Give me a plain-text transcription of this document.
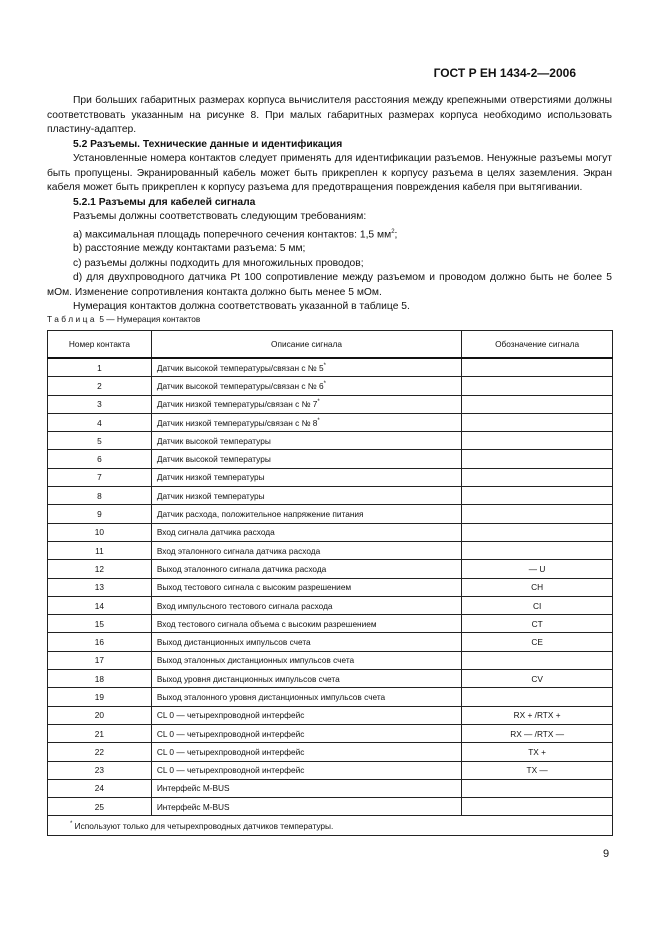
ГОСТ Р ЕН 1434-2—2006

При больших габаритных размерах корпуса вычислителя расстояния между крепежными отверстиями должны соответствовать указанным на рисунке 8. При малых габаритных размерах корпуса необходимо использовать пластину-адаптер.

5.2 Разъемы. Технические данные и идентификация

Установленные номера контактов следует применять для идентификации разъемов. Ненужные разъемы могут быть пропущены. Экранированный кабель может быть прикреплен к корпусу разъема в целях заземления. Экран кабеля может быть прикреплен к корпусу разъема для предотвращения повреждения кабеля при вытягивании.

5.2.1 Разъемы для кабелей сигнала

Разъемы должны соответствовать следующим требованиям:

а) максимальная площадь поперечного сечения контактов: 1,5 $мм^2$;

b) расстояние между контактами разъема: 5 мм;

c) разъемы должны подходить для многожильных проводов;

d) для двухпроводного датчика Pt 100 сопротивление между разъемом и проводом должно быть не более 5 мОм. Изменение сопротивления контакта должно быть менее 5 мОм.

Нумерация контактов должна соответствовать указанной в таблице 5.

Таблица 5 — Нумерация контактов
Номер контакта	Описание сигнала	Обозначение сигнала
1	Датчик высокой температуры/связан с № 5*	
2	Датчик высокой температуры/связан с № 6*	
3	Датчик низкой температуры/связан с № 7*	
4	Датчик низкой температуры/связан с № 8*	
5	Датчик высокой температуры	
6	Датчик высокой температуры	
7	Датчик низкой температуры	
8	Датчик низкой температуры	
9	Датчик расхода, положительное напряжение питания	
10	Вход сигнала датчика расхода	
11	Вход эталонного сигнала датчика расхода	
12	Выход эталонного сигнала датчика расхода	— U
13	Выход тестового сигнала с высоким разрешением	CH
14	Вход импульсного тестового сигнала расхода	CI
15	Вход тестового сигнала объема с высоким разрешением	CT
16	Выход дистанционных импульсов счета	CE
17	Выход эталонных дистанционных импульсов счета	
18	Выход уровня дистанционных импульсов счета	CV
19	Выход эталонного уровня дистанционных импульсов счета	
20	CL 0 — четырехпроводной интерфейс	RX + /RTX +
21	CL 0 — четырехпроводной интерфейс	RX — /RTX —
22	CL 0 — четырехпроводной интерфейс	TX +
23	CL 0 — четырехпроводной интерфейс	TX —
24	Интерфейс M-BUS	
25	Интерфейс M-BUS	
* Используют только для четырехпроводных датчиков температуры.		
9
